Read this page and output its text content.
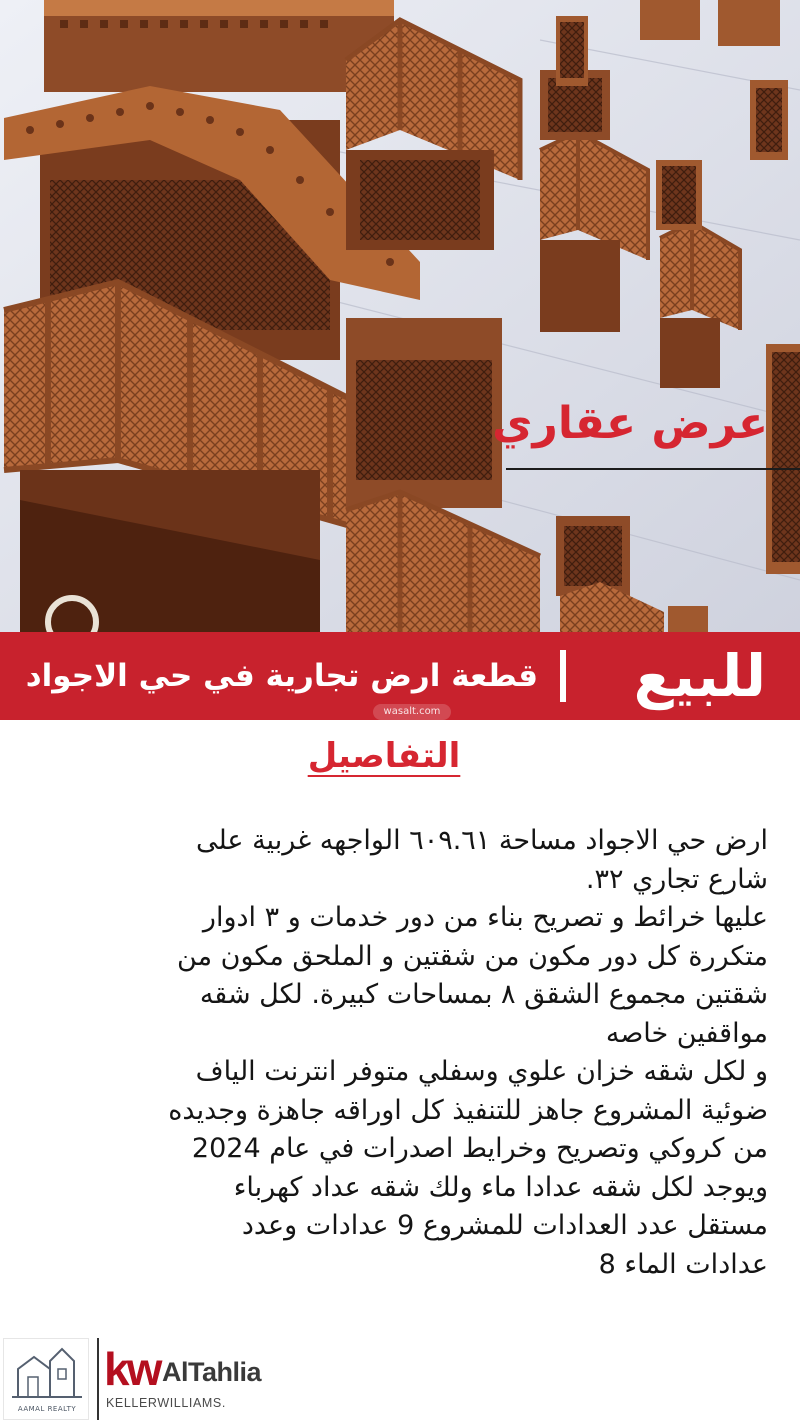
عرض عقاري
للبيع
قطعة ارض تجارية في حي الاجواد
wasalt.com
التفاصيل

ارض حي الاجواد مساحة ٦٠٩.٦١ الواجهه غربية على

شارع تجاري ٣٢.

عليها خرائط و تصريح بناء من دور خدمات و ٣ ادوار

متكررة كل دور مكون من شقتين و الملحق مكون من

شقتين مجموع الشقق ٨ بمساحات كبيرة. لكل شقه

مواقفين خاصه

و لكل شقه خزان علوي وسفلي متوفر انترنت الياف

ضوئية المشروع جاهز للتنفيذ كل اوراقه جاهزة وجديده

من كروكي وتصريح وخرايط اصدرات في عام 2024

ويوجد لكل شقه عدادا ماء ولك شقه عداد كهرباء

مستقل عدد العدادات للمشروع 9 عدادات وعدد

عدادات الماء 8

AAMAL REALTY
kw AlTahlia
KELLERWILLIAMS.
